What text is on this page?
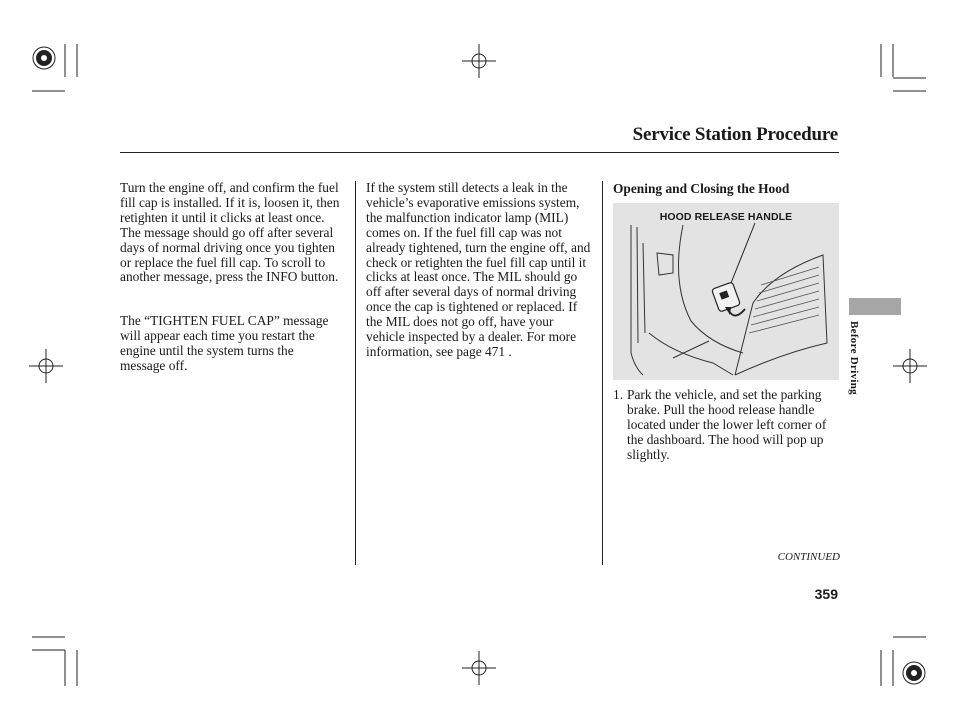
Service Station Procedure

Turn the engine off, and confirm the fuel fill cap is installed. If it is, loosen it, then retighten it until it clicks at least once. The message should go off after several days of normal driving once you tighten or replace the fuel fill cap. To scroll to another message, press the INFO button.

The “TIGHTEN FUEL CAP” message will appear each time you restart the engine until the system turns the message off.

If the system still detects a leak in the vehicle’s evaporative emissions system, the malfunction indicator lamp (MIL) comes on. If the fuel fill cap was not already tightened, turn the engine off, and check or retighten the fuel fill cap until it clicks at least once. The MIL should go off after several days of normal driving once the cap is tightened or replaced. If the MIL does not go off, have your vehicle inspected by a dealer. For more information, see page 471 .

Opening and Closing the Hood
HOOD RELEASE HANDLE
1. Park the vehicle, and set the parking brake. Pull the hood release handle located under the lower left corner of the dashboard. The hood will pop up slightly.
CONTINUED
359
Before Driving
